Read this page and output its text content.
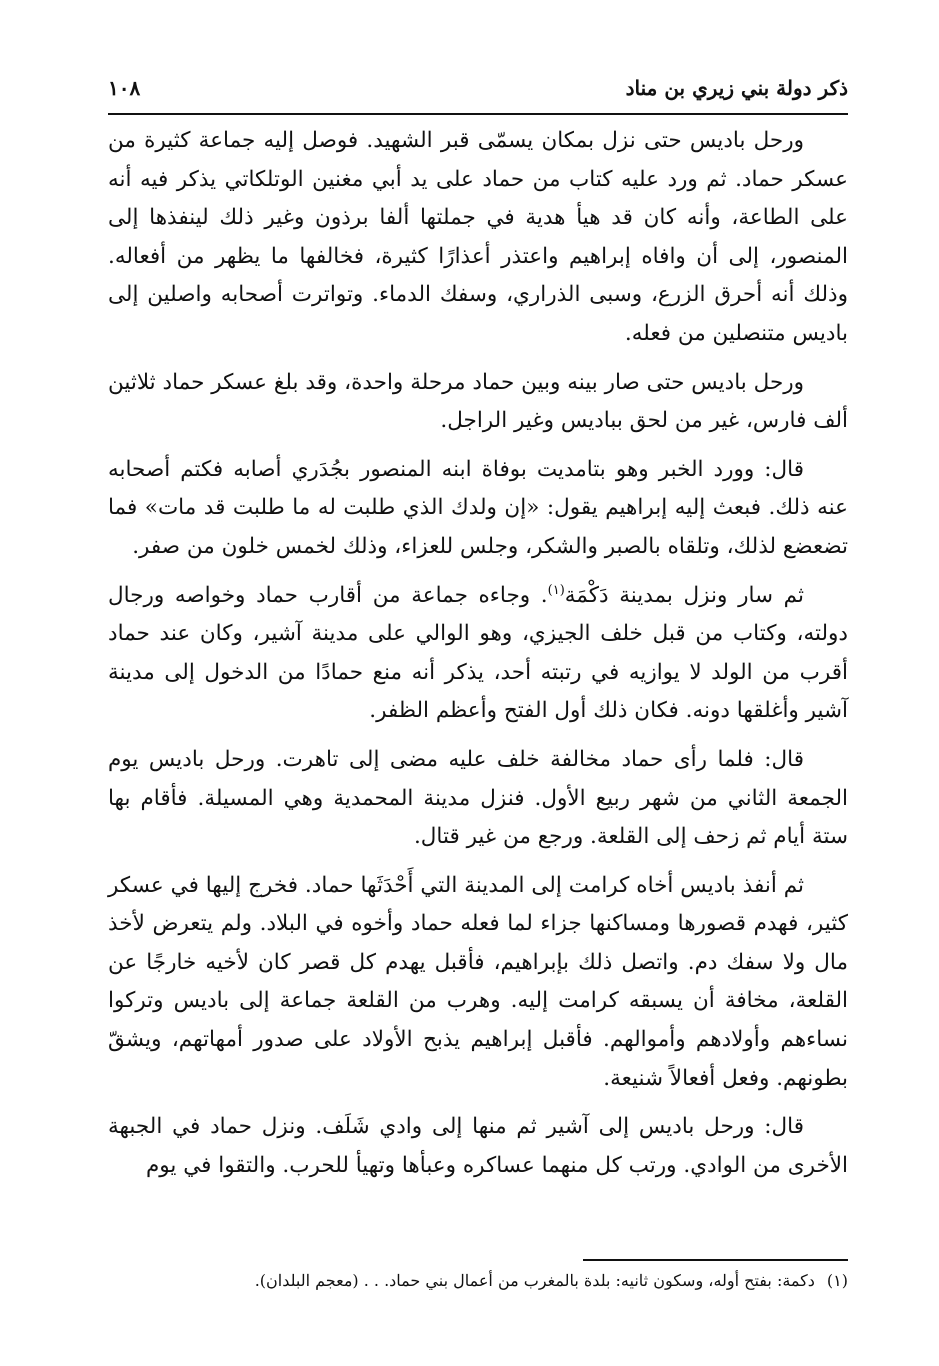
ذكر دولة بني زيري بن مناد
١٠٨

ورحل باديس حتى نزل بمكان يسمّى قبر الشهيد. فوصل إليه جماعة كثيرة من عسكر حماد. ثم ورد عليه كتاب من حماد على يد أبي مغنين الوتلكاتي يذكر فيه أنه على الطاعة، وأنه كان قد هيأ هدية في جملتها ألفا برذون وغير ذلك لينفذها إلى المنصور، إلى أن وافاه إبراهيم واعتذر أعذارًا كثيرة، فخالفها ما يظهر من أفعاله. وذلك أنه أحرق الزرع، وسبى الذراري، وسفك الدماء. وتواترت أصحابه واصلين إلى باديس متنصلين من فعله.

ورحل باديس حتى صار بينه وبين حماد مرحلة واحدة، وقد بلغ عسكر حماد ثلاثين ألف فارس، غير من لحق بباديس وغير الراجل.

قال: وورد الخبر وهو بتامديت بوفاة ابنه المنصور بجُدَري أصابه فكتم أصحابه عنه ذلك. فبعث إليه إبراهيم يقول: «إن ولدك الذي طلبت له ما طلبت قد مات» فما تضعضع لذلك، وتلقاه بالصبر والشكر، وجلس للعزاء، وذلك لخمس خلون من صفر.

ثم سار ونزل بمدينة دَكْمَة$^{(١)}$. وجاءه جماعة من أقارب حماد وخواصه ورجال دولته، وكتاب من قبل خلف الجيزي، وهو الوالي على مدينة آشير، وكان عند حماد أقرب من الولد لا يوازيه في رتبته أحد، يذكر أنه منع حمادًا من الدخول إلى مدينة آشير وأغلقها دونه. فكان ذلك أول الفتح وأعظم الظفر.

قال: فلما رأى حماد مخالفة خلف عليه مضى إلى تاهرت. ورحل باديس يوم الجمعة الثاني من شهر ربيع الأول. فنزل مدينة المحمدية وهي المسيلة. فأقام بها ستة أيام ثم زحف إلى القلعة. ورجع من غير قتال.

ثم أنفذ باديس أخاه كرامت إلى المدينة التي أَحْدَثَها حماد. فخرج إليها في عسكر كثير، فهدم قصورها ومساكنها جزاء لما فعله حماد وأخوه في البلاد. ولم يتعرض لأخذ مال ولا سفك دم. واتصل ذلك بإبراهيم، فأقبل يهدم كل قصر كان لأخيه خارجًا عن القلعة، مخافة أن يسبقه كرامت إليه. وهرب من القلعة جماعة إلى باديس وتركوا نساءهم وأولادهم وأموالهم. فأقبل إبراهيم يذبح الأولاد على صدور أمهاتهم، ويشقّ بطونهم. وفعل أفعالاً شنيعة.

قال: ورحل باديس إلى آشير ثم منها إلى وادي شَلَف. ونزل حماد في الجبهة الأخرى من الوادي. ورتب كل منهما عساكره وعبأها وتهيأ للحرب. والتقوا في يوم

(١)دكمة: بفتح أوله، وسكون ثانيه: بلدة بالمغرب من أعمال بني حماد. . . (معجم البلدان).
